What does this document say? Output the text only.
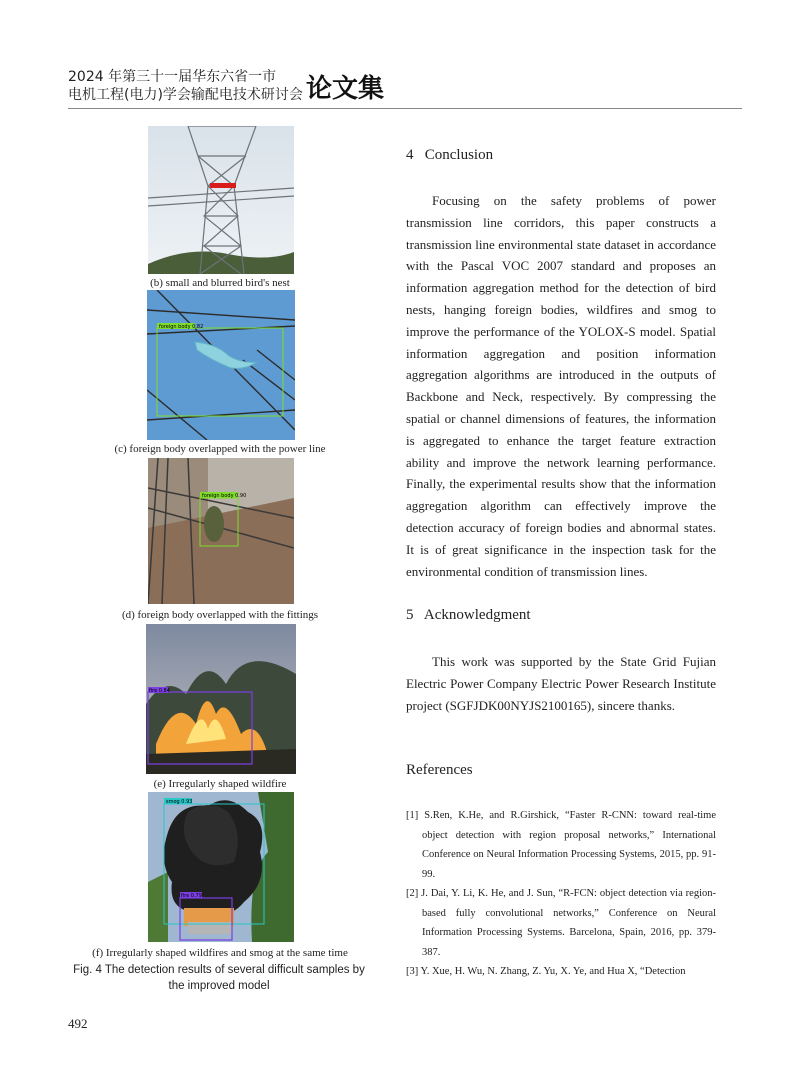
2024 年第三十一届华东六省一市
电机工程(电力)学会输配电技术研讨会 论文集
(b) small and blurred bird's nest
foreign body 0.82
(c) foreign body overlapped with the power line
foreign body 0.90
(d) foreign body overlapped with the fittings
fire 0.84
(e) Irregularly shaped wildfire
smog 0.93
fire 0.79
(f) Irregularly shaped wildfires and smog at the same time
Fig. 4 The detection results of several difficult samples by
the improved model
4   Conclusion
Focusing on the safety problems of power transmission line corridors, this paper constructs a transmission line environmental state dataset in accordance with the Pascal VOC 2007 standard and proposes an information aggregation method for the detection of bird nests, hanging foreign bodies, wildfires and smog to improve the performance of the YOLOX-S model. Spatial information aggregation and position information aggregation algorithms are introduced in the outputs of Backbone and Neck, respectively. By compressing the spatial or channel dimensions of features, the information is aggregated to enhance the target feature extraction ability and improve the network learning performance. Finally, the experimental results show that the information aggregation algorithm can effectively improve the detection accuracy of foreign bodies and abnormal states. It is of great significance in the inspection task for the environmental condition of transmission lines.
5   Acknowledgment
This work was supported by the State Grid Fujian Electric Power Company Electric Power Research Institute project (SGFJDK00NYJS2100165), sincere thanks.
References

[1] S.Ren, K.He, and R.Girshick, “Faster R-CNN: toward real-time object detection with region proposal networks,” International Conference on Neural Information Processing Systems, 2015, pp. 91-99.

[2] J. Dai, Y. Li, K. He, and J. Sun, “R-FCN: object detection via region-based fully convolutional networks,” Conference on Neural Information Processing Systems. Barcelona, Spain, 2016, pp. 379-387.

[3] Y. Xue, H. Wu, N. Zhang, Z. Yu, X. Ye, and Hua X, “Detection

492
